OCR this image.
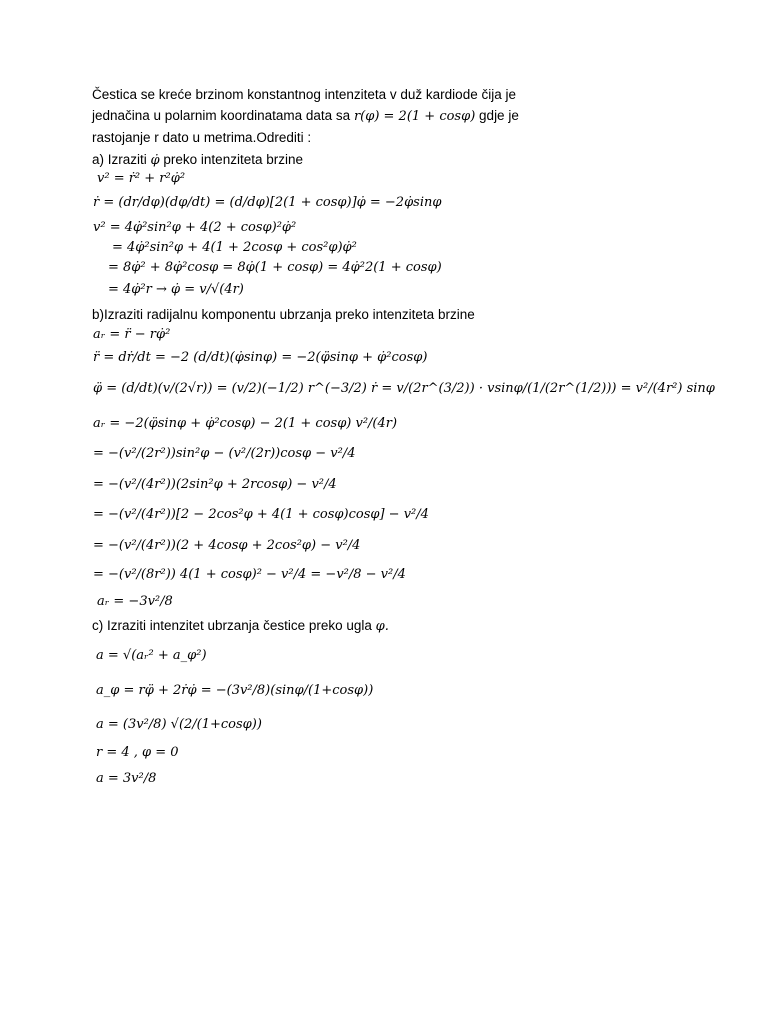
Čestica se kreće brzinom konstantnog intenziteta v duž kardiode čija je
jednačina u polarnim koordinatama data sa r(φ) = 2(1 + cosφ) gdje je
rastojanje r dato u metrima.Odrediti :
a) Izraziti φ̇ preko intenziteta brzine
v² = ṙ² + r²φ̇²
ṙ = (dr/dφ)(dφ/dt) = (d/dφ)[2(1 + cosφ)]φ̇ = −2φ̇sinφ
v² = 4φ̇²sin²φ + 4(2 + cosφ)²φ̇²
= 4φ̇²sin²φ + 4(1 + 2cosφ + cos²φ)φ̇²
= 8φ̇² + 8φ̇²cosφ = 8φ̇(1 + cosφ) = 4φ̇²2(1 + cosφ)
= 4φ̇²r → φ̇ = v/√(4r)
b)Izraziti radijalnu komponentu ubrzanja preko intenziteta brzine
aᵣ = r̈ − rφ̇²
r̈ = dṙ/dt = −2 (d/dt)(φ̇sinφ) = −2(φ̈sinφ + φ̇²cosφ)
φ̈ = (d/dt)(v/(2√r)) = (v/2)(−1/2) r^(−3/2) ṙ = v/(2r^(3/2)) · vsinφ/(1/(2r^(1/2))) = v²/(4r²) sinφ
aᵣ = −2(φ̈sinφ + φ̇²cosφ) − 2(1 + cosφ) v²/(4r)
= −(v²/(2r²))sin²φ − (v²/(2r))cosφ − v²/4
= −(v²/(4r²))(2sin²φ + 2rcosφ) − v²/4
= −(v²/(4r²))[2 − 2cos²φ + 4(1 + cosφ)cosφ] − v²/4
= −(v²/(4r²))(2 + 4cosφ + 2cos²φ) − v²/4
= −(v²/(8r²)) 4(1 + cosφ)² − v²/4 = −v²/8 − v²/4
aᵣ = −3v²/8
c) Izraziti intenzitet ubrzanja čestice preko ugla φ.
a = √(aᵣ² + a_φ²)
a_φ = rφ̈ + 2ṙφ̇ = −(3v²/8)(sinφ/(1+cosφ))
a = (3v²/8) √(2/(1+cosφ))
r = 4 , φ = 0
a = 3v²/8
